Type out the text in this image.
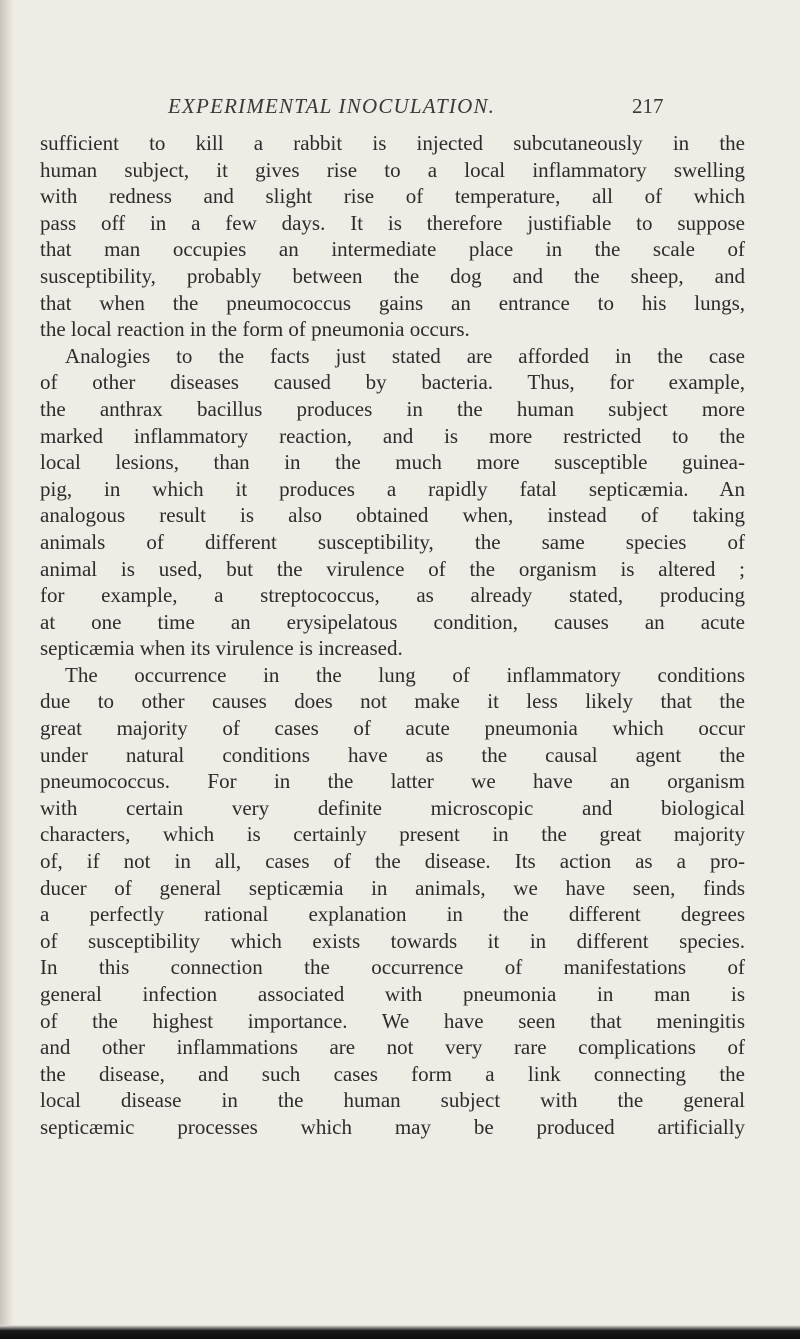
EXPERIMENTAL INOCULATION.	217
sufficient to kill a rabbit is injected subcutaneously in the
human subject, it gives rise to a local inflammatory swelling
with redness and slight rise of temperature, all of which
pass off in a few days. It is therefore justifiable to suppose
that man occupies an intermediate place in the scale of
susceptibility, probably between the dog and the sheep, and
that when the pneumococcus gains an entrance to his lungs,
the local reaction in the form of pneumonia occurs.
Analogies to the facts just stated are afforded in the case
of other diseases caused by bacteria. Thus, for example,
the anthrax bacillus produces in the human subject more
marked inflammatory reaction, and is more restricted to the
local lesions, than in the much more susceptible guinea-
pig, in which it produces a rapidly fatal septicæmia. An
analogous result is also obtained when, instead of taking
animals of different susceptibility, the same species of
animal is used, but the virulence of the organism is altered ;
for example, a streptococcus, as already stated, producing
at one time an erysipelatous condition, causes an acute
septicæmia when its virulence is increased.
The occurrence in the lung of inflammatory conditions
due to other causes does not make it less likely that the
great majority of cases of acute pneumonia which occur
under natural conditions have as the causal agent the
pneumococcus. For in the latter we have an organism
with certain very definite microscopic and biological
characters, which is certainly present in the great majority
of, if not in all, cases of the disease. Its action as a pro-
ducer of general septicæmia in animals, we have seen, finds
a perfectly rational explanation in the different degrees
of susceptibility which exists towards it in different species.
In this connection the occurrence of manifestations of
general infection associated with pneumonia in man is
of the highest importance. We have seen that meningitis
and other inflammations are not very rare complications of
the disease, and such cases form a link connecting the
local disease in the human subject with the general
septicæmic processes which may be produced artificially
